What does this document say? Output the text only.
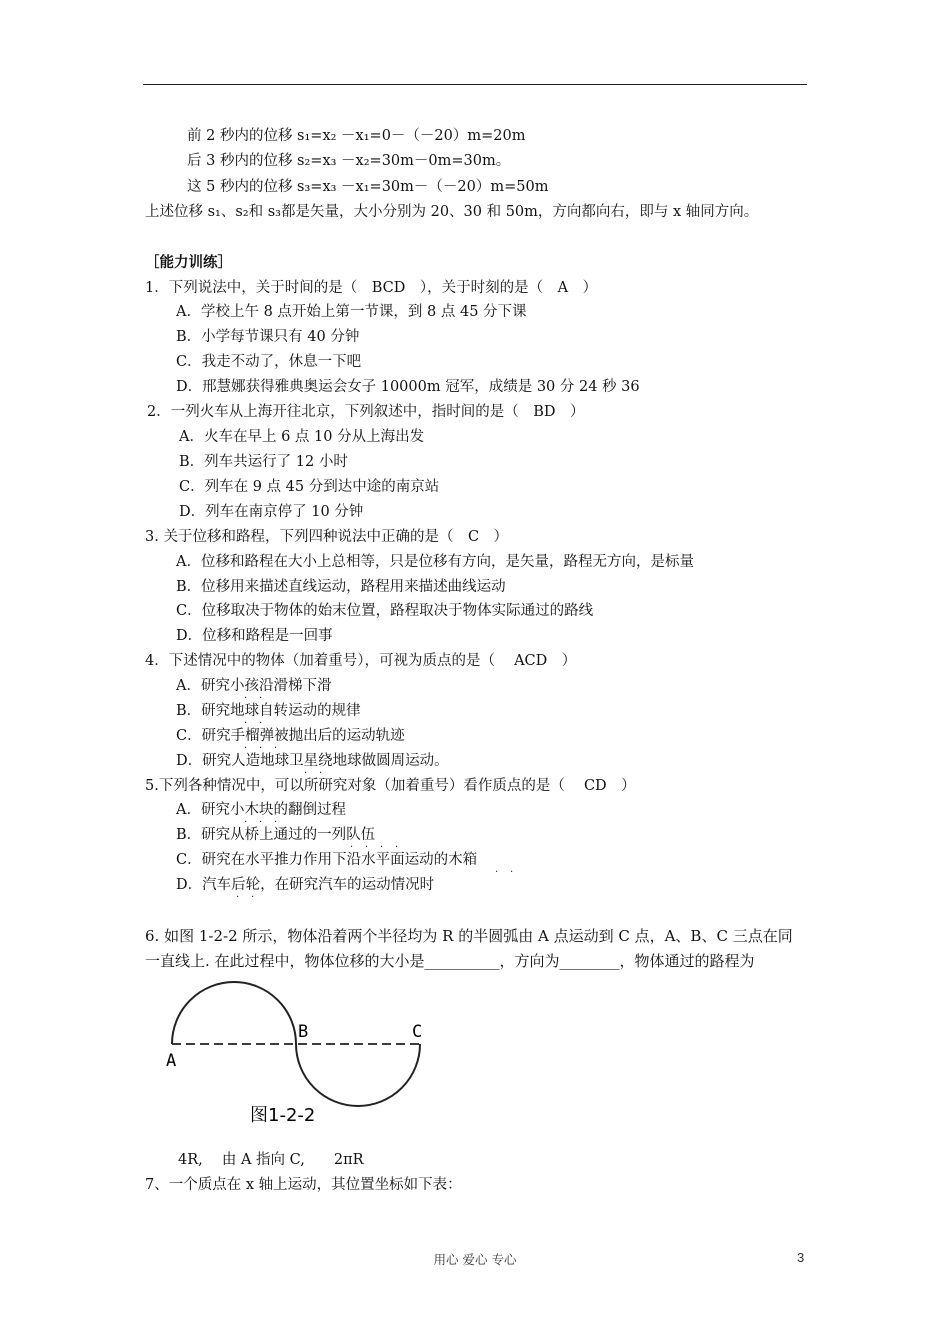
前 2 秒内的位移 s₁=x₂ －x₁=0－（－20）m=20m
后 3 秒内的位移 s₂=x₃ －x₂=30m－0m=30m。
这 5 秒内的位移 s₃=x₃ －x₁=30m－（－20）m=50m
上述位移 s₁、s₂和 s₃都是矢量，大小分别为 20、30 和 50m，方向都向右，即与 x 轴同方向。
［能力训练］
1．下列说法中，关于时间的是（　BCD　），关于时刻的是（　A　）
A．学校上午 8 点开始上第一节课，到 8 点 45 分下课
B．小学每节课只有 40 分钟
C．我走不动了，休息一下吧
D．邢慧娜获得雅典奥运会女子 10000m 冠军，成绩是 30 分 24 秒 36
2．一列火车从上海开往北京，下列叙述中，指时间的是（　BD　）
A．火车在早上 6 点 10 分从上海出发
B．列车共运行了 12 小时
C．列车在 9 点 45 分到达中途的南京站
D．列车在南京停了 10 分钟
3. 关于位移和路程，下列四种说法中正确的是（　C　）
A．位移和路程在大小上总相等，只是位移有方向，是矢量，路程无方向，是标量
B．位移用来描述直线运动，路程用来描述曲线运动
C．位移取决于物体的始末位置，路程取决于物体实际通过的路线
D．位移和路程是一回事
4．下述情况中的物体（加着重号），可视为质点的是（　 ACD　）
A．研究小孩沿滑梯下滑
B．研究地球自转运动的规律
C．研究手榴弹被抛出后的运动轨迹
D．研究人造地球卫星绕地球做圆周运动。
· ·
· ·
· · ·
· ·
5.下列各种情况中，可以所研究对象（加着重号）看作质点的是（　 CD　）
A．研究小木块的翻倒过程
B．研究从桥上通过的一列队伍
C．研究在水平推力作用下沿水平面运动的木箱
D．汽车后轮，在研究汽车的运动情况时
· · ·
· · · ·
· ·
· ·
6. 如图 1-2-2 所示，物体沿着两个半径均为 R 的半圆弧由 A 点运动到 C 点，A、B、C 三点在同
一直线上. 在此过程中，物体位移的大小是__________，方向为________，物体通过的路程为
A
B	C
图1-2-2
4R,　 由 A 指向 C,　　2πR
7、一个质点在 x 轴上运动，其位置坐标如下表：
用心 爱心 专心	3
